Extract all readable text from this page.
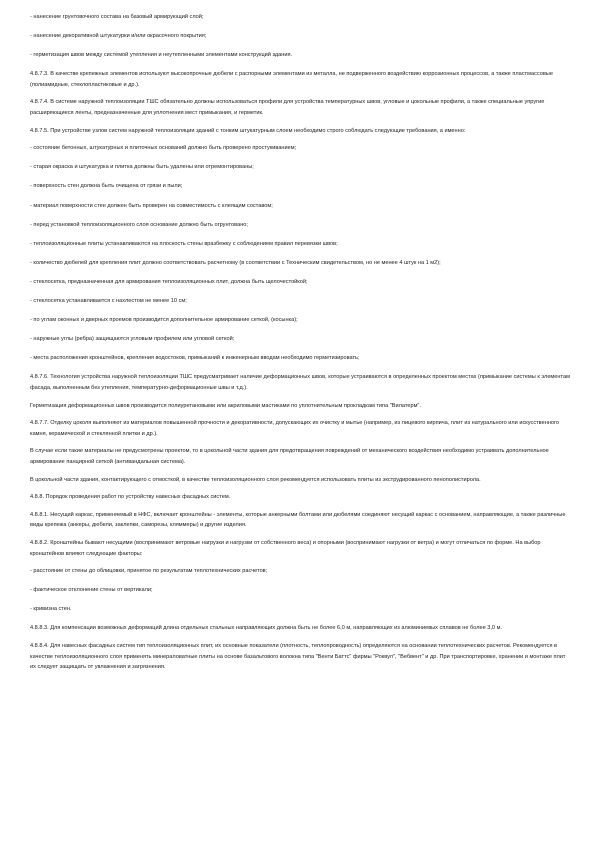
- нанесение грунтовочного состава на базовый армирующий слой;

- нанесение декоративной штукатурки и/или окрасочного покрытия;

- герметизация швов между системой утепления и неутепленными элементами конструкций здания.

4.8.7.3. В качестве крепежных элементов используют высокопрочные дюбели с распорными элементами из металла, не подверженного воздействию коррозионных процессов, а также пластмассовые (полиамидные, стеклопластиковые и др.).

4.8.7.4. В системе наружной теплоизоляции ТШС обязательно должны использоваться профили для устройства температурных швов, угловые и цокольные профили, а также специальные упругие расширяющиеся ленты, предназначенные для уплотнения мест примыкания, и герметик.

4.8.7.5. При устройстве узлов систем наружной теплоизоляции зданий с тонким штукатурным слоем необходимо строго соблюдать следующие требования, а именно:

- состояние бетонных, штукатурных и плиточных оснований должно быть проверено простукиванием;

- старая окраска и штукатурка и плитка должны быть удалены или отремонтированы;

- поверхность стен должна быть очищена от грязи и пыли;

- материал поверхности стен должен быть проверен на совместимость с клеящим составом;

- перед установкой теплоизоляционного слоя основание должно быть огрунтовано;

- теплоизоляционные плиты устанавливаются на плоскость стены вразбежку с соблюдением правил перевязки швов;

- количество дюбелей для крепления плит должно соответствовать расчетному (в соответствии с Техническим свидетельством, но не менее 4 штук на 1 м2);

- стеклосетка, предназначенная для армирования теплоизоляционных плит, должна быть щелочестойкой;

- стеклосетка устанавливается с нахлестом не менее 10 см;

- по углам оконных и дверных проемов производится дополнительное армирование сеткой, (косынка);

- наружные углы (ребра) защищаются угловым профилем или угловой сеткой;

- места расположения кронштейнов, крепления водостоков, примыканий к инженерным вводам необходимо герметизировать;

4.8.7.6. Технология устройства наружной теплоизоляции ТШС предусматривает наличие деформационных швов, которые устраиваются в определенных проектом местах (примыкание системы к элементам фасада, выполненным без утепления, температурно-деформационные швы и т.д.).

Герметизация деформационных швов производится полиуретановыми или акриловыми мастиками по уплотнительным прокладкам типа "Вилатерм".

4.8.7.7. Отделку цоколя выполняют из материалов повышенной прочности и декоративности, допускающих их очистку и мытье (например, из лицевого кирпича, плит из натурального или искусственного камня, керамической и стеклянной плитки и др.).

В случае если такие материалы не предусмотрены проектом, то в цокольной части здания для предотвращения повреждений от механического воздействия необходимо устраивать дополнительное армирование панцирной сеткой (антивандальная система).

В цокольной части здания, контактирующего с отмосткой, в качестве теплоизоляционного слоя рекомендуется использовать плиты из экструдированного пенополистирола.

4.8.8. Порядок проведения работ по устройству навесных фасадных систем.

4.8.8.1. Несущий каркас, применяемый в НФС, включает кронштейны - элементы, которые анкерными болтами или дюбелями соединяют несущий каркас с основанием, направляющие, а также различные виды крепежа (анкеры, дюбели, заклепки, саморезы, кляммеры) и другие изделия.

4.8.8.2. Кронштейны бывают несущими (воспринимают ветровые нагрузки и нагрузки от собственного веса) и опорными (воспринимают нагрузки от ветра) и могут отличаться по форме. На выбор кронштейнов влияют следующие факторы:

- расстояние от стены до облицовки, принятое по результатам теплотехнических расчетов;

- фактическое отклонение стены от вертикали;

- кривизна стен.

4.8.8.3. Для компенсации возможных деформаций длина отдельных стальных направляющих должна быть не более 6,0 м, направляющих из алюминиевых сплавов не более 3,0 м.

4.8.8.4. Для навесных фасадных систем тип теплоизоляционных плит, их основные показатели (плотность, теплопроводность) определяются на основании теплотехнических расчетов. Рекомендуется в качестве теплоизоляционного слоя применять минераловатные плиты на основе базальтового волокна типа "Венти Баттс" фирмы "Роквул", "Вебвент" и др. При транспортировке, хранении и монтаже плит их следует защищать от увлажнения и загрязнения.
